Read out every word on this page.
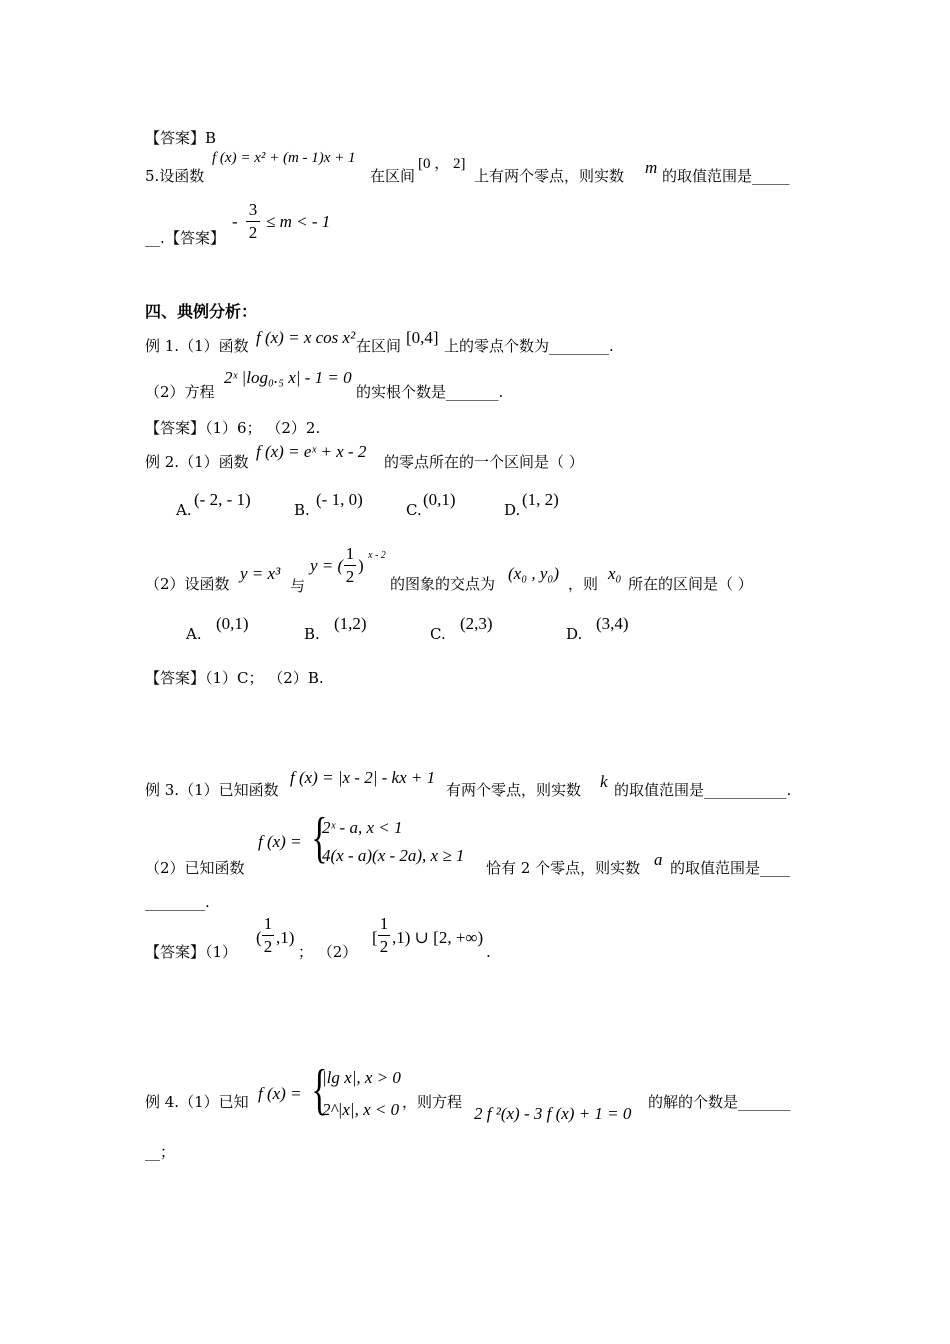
【答案】B
5.设函数
f (x) = x² + (m - 1)x + 1
在区间
[0 ， 2]
上有两个零点，则实数 m 的取值范围是_____
__. 【答案】
-
3
2
≤ m < - 1
四、典例分析：
例 1.（1）函数 f (x) = x cos x² 在区间 [0,4] 上的零点个数为________.
（2）方程
2ˣ |log₀.₅ x| - 1 = 0
的实根个数是_______.
【答案】（1）6； （2）2.
例 2.（1）函数
f (x) = eˣ + x - 2
的零点所在的一个区间是（ ）
A.
(- 2, - 1)
B.
(- 1, 0)
C.
(0,1)
D.
(1, 2)
（2）设函数
y = x³
与
y = (
1
2
)
x - 2
的图象的交点为
(x₀ , y₀)
，则
x₀
所在的区间是（ ）
A.
(0,1)
B.
(1,2)
C.
(2,3)
D.
(3,4)
【答案】（1）C； （2）B.
例 3.（1）已知函数
f (x) = |x - 2| - kx + 1
有两个零点，则实数 k 的取值范围是___________.
（2）已知函数
f (x) = {
2ˣ - a, x < 1
4(x - a)(x - 2a), x ≥ 1
恰有 2 个零点，则实数 a 的取值范围是____
________.
【答案】（1）
(
1
2 ,1)
； （2）
[
1
2 ,1) ∪ [2, +∞)
.
例 4.（1）已知 f (x) = {
|lg x|, x > 0
2^|x|, x < 0 ，则方程
2 f ²(x) - 3 f (x) + 1 = 0
的解的个数是_______
__；
